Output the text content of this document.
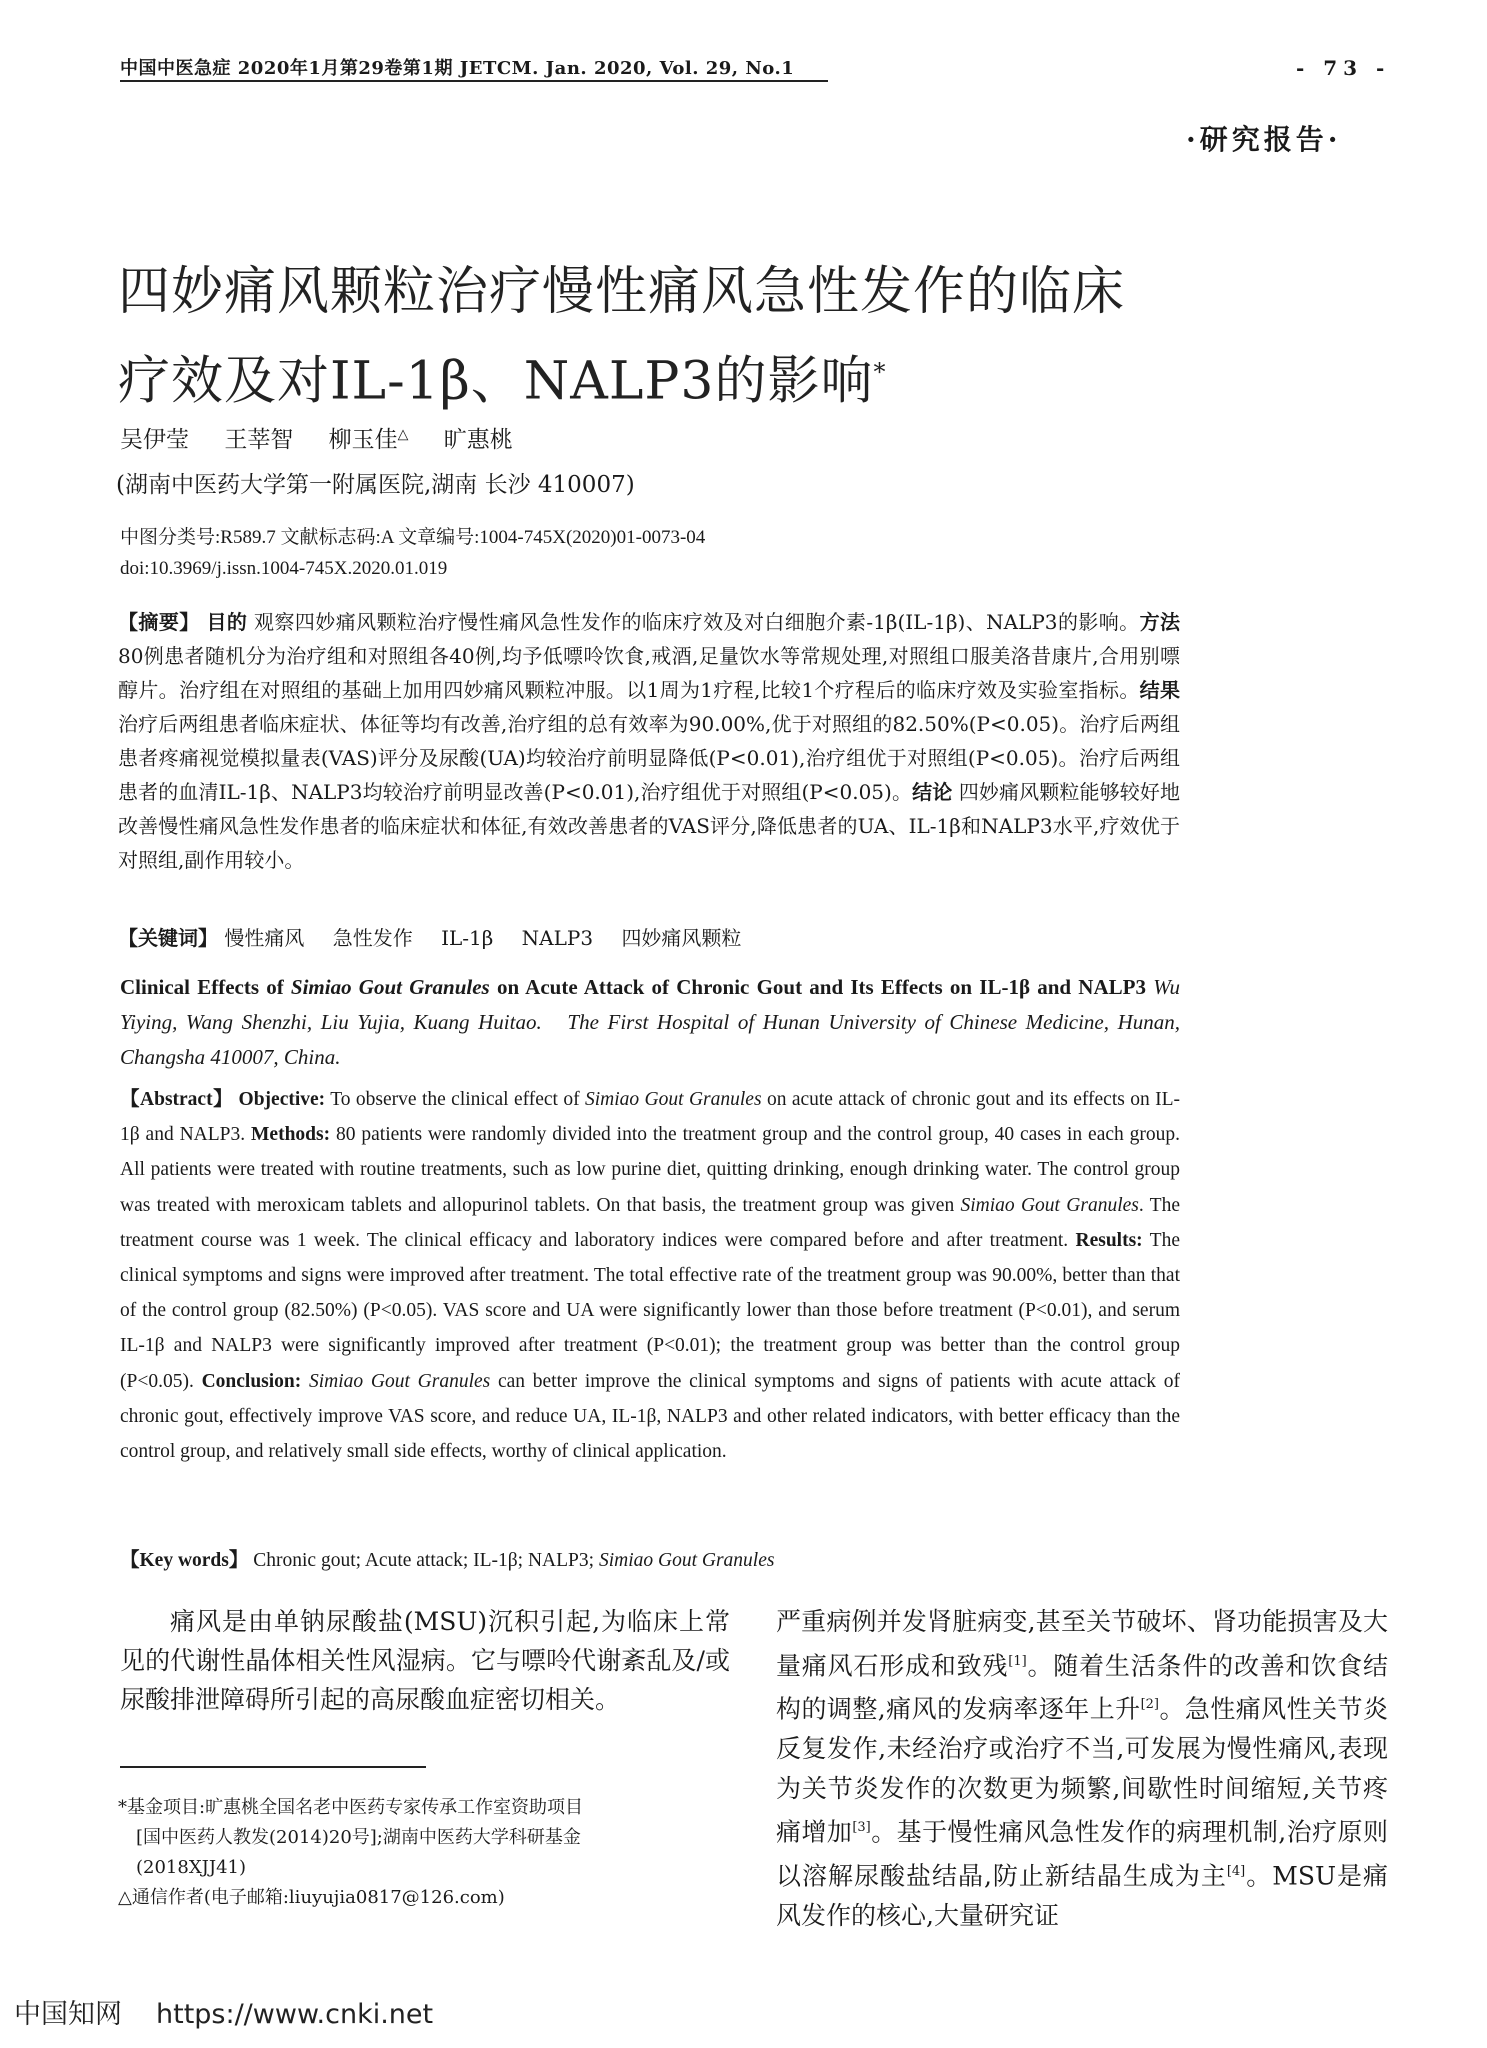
中国中医急症 2020年1月第29卷第1期 JETCM. Jan. 2020, Vol. 29, No.1	- 73 -
·研究报告·
四妙痛风颗粒治疗慢性痛风急性发作的临床
疗效及对IL-1β、NALP3的影响*
吴伊莹 王莘智 柳玉佳△ 旷惠桃
(湖南中医药大学第一附属医院,湖南 长沙 410007)
中图分类号:R589.7 文献标志码:A 文章编号:1004-745X(2020)01-0073-04
doi:10.3969/j.issn.1004-745X.2020.01.019
【摘要】 目的 观察四妙痛风颗粒治疗慢性痛风急性发作的临床疗效及对白细胞介素-1β(IL-1β)、NALP3的影响。方法 80例患者随机分为治疗组和对照组各40例,均予低嘌呤饮食,戒酒,足量饮水等常规处理,对照组口服美洛昔康片,合用别嘌醇片。治疗组在对照组的基础上加用四妙痛风颗粒冲服。以1周为1疗程,比较1个疗程后的临床疗效及实验室指标。结果 治疗后两组患者临床症状、体征等均有改善,治疗组的总有效率为90.00%,优于对照组的82.50%(P<0.05)。治疗后两组患者疼痛视觉模拟量表(VAS)评分及尿酸(UA)均较治疗前明显降低(P<0.01),治疗组优于对照组(P<0.05)。治疗后两组患者的血清IL-1β、NALP3均较治疗前明显改善(P<0.01),治疗组优于对照组(P<0.05)。结论 四妙痛风颗粒能够较好地改善慢性痛风急性发作患者的临床症状和体征,有效改善患者的VAS评分,降低患者的UA、IL-1β和NALP3水平,疗效优于对照组,副作用较小。
【关键词】 慢性痛风 急性发作 IL-1β NALP3 四妙痛风颗粒
Clinical Effects of Simiao Gout Granules on Acute Attack of Chronic Gout and Its Effects on IL-1β and NALP3 Wu Yiying, Wang Shenzhi, Liu Yujia, Kuang Huitao. The First Hospital of Hunan University of Chinese Medicine, Hunan, Changsha 410007, China.
【Abstract】 Objective: To observe the clinical effect of Simiao Gout Granules on acute attack of chronic gout and its effects on IL-1β and NALP3. Methods: 80 patients were randomly divided into the treatment group and the control group, 40 cases in each group. All patients were treated with routine treatments, such as low purine diet, quitting drinking, enough drinking water. The control group was treated with meroxicam tablets and allopurinol tablets. On that basis, the treatment group was given Simiao Gout Granules. The treatment course was 1 week. The clinical efficacy and laboratory indices were compared before and after treatment. Results: The clinical symptoms and signs were improved after treatment. The total effective rate of the treatment group was 90.00%, better than that of the control group (82.50%) (P<0.05). VAS score and UA were significantly lower than those before treatment (P<0.01), and serum IL-1β and NALP3 were significantly improved after treatment (P<0.01); the treatment group was better than the control group (P<0.05). Conclusion: Simiao Gout Granules can better improve the clinical symptoms and signs of patients with acute attack of chronic gout, effectively improve VAS score, and reduce UA, IL-1β, NALP3 and other related indicators, with better efficacy than the control group, and relatively small side effects, worthy of clinical application.
【Key words】 Chronic gout; Acute attack; IL-1β; NALP3; Simiao Gout Granules
痛风是由单钠尿酸盐(MSU)沉积引起,为临床上常见的代谢性晶体相关性风湿病。它与嘌呤代谢紊乱及/或尿酸排泄障碍所引起的高尿酸血症密切相关。
严重病例并发肾脏病变,甚至关节破坏、肾功能损害及大量痛风石形成和致残[1]。随着生活条件的改善和饮食结构的调整,痛风的发病率逐年上升[2]。急性痛风性关节炎反复发作,未经治疗或治疗不当,可发展为慢性痛风,表现为关节炎发作的次数更为频繁,间歇性时间缩短,关节疼痛增加[3]。基于慢性痛风急性发作的病理机制,治疗原则以溶解尿酸盐结晶,防止新结晶生成为主[4]。MSU是痛风发作的核心,大量研究证
*基金项目:旷惠桃全国名老中医药专家传承工作室资助项目
[国中医药人教发(2014)20号];湖南中医药大学科研基金
(2018XJJ41)
△通信作者(电子邮箱:liuyujia0817@126.com)
中国知网 https://www.cnki.net
